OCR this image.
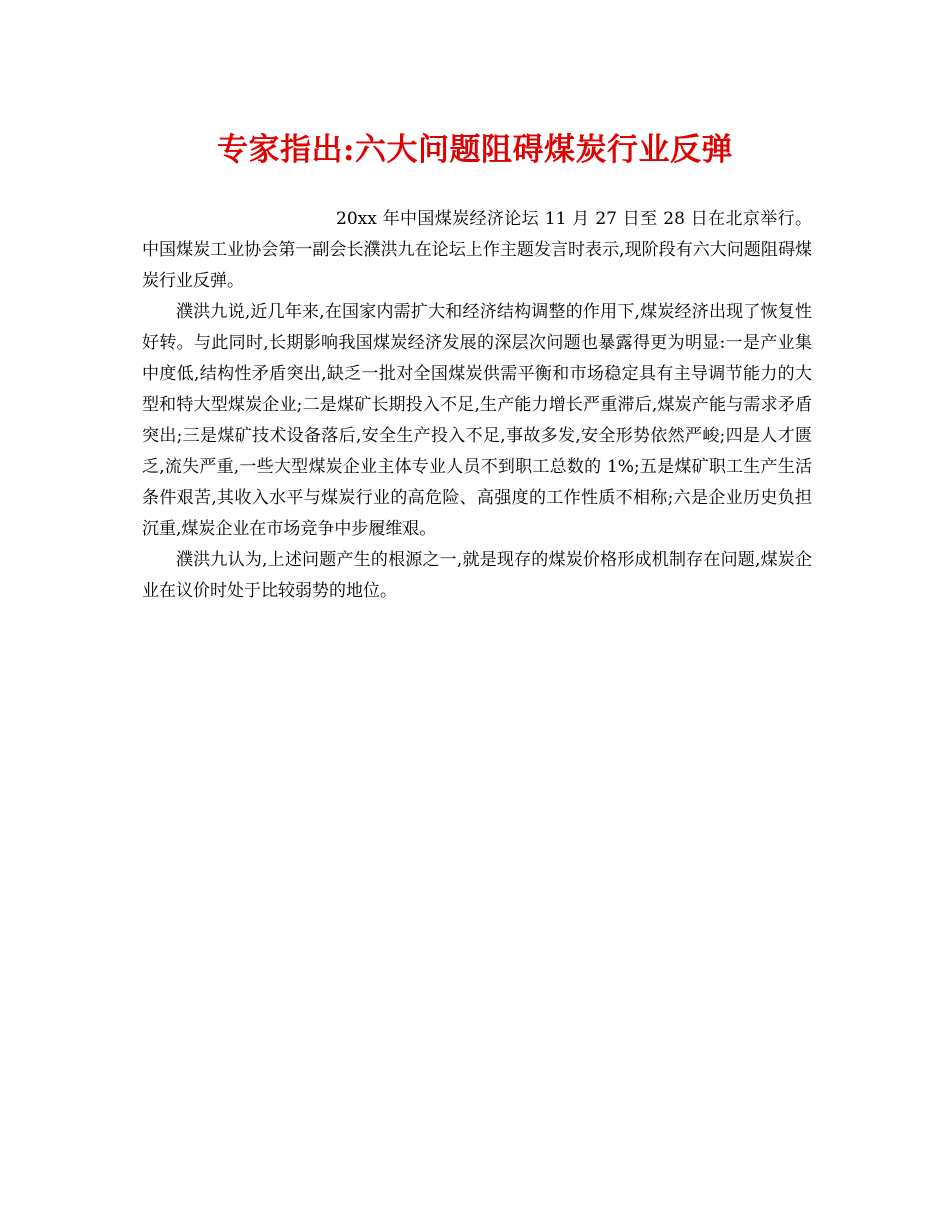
专家指出:六大问题阻碍煤炭行业反弹

20xx 年中国煤炭经济论坛 11 月 27 日至 28 日在北京举行。中国煤炭工业协会第一副会长濮洪九在论坛上作主题发言时表示,现阶段有六大问题阻碍煤炭行业反弹。

濮洪九说,近几年来,在国家内需扩大和经济结构调整的作用下,煤炭经济出现了恢复性好转。与此同时,长期影响我国煤炭经济发展的深层次问题也暴露得更为明显:一是产业集中度低,结构性矛盾突出,缺乏一批对全国煤炭供需平衡和市场稳定具有主导调节能力的大型和特大型煤炭企业;二是煤矿长期投入不足,生产能力增长严重滞后,煤炭产能与需求矛盾突出;三是煤矿技术设备落后,安全生产投入不足,事故多发,安全形势依然严峻;四是人才匮乏,流失严重,一些大型煤炭企业主体专业人员不到职工总数的 1%;五是煤矿职工生产生活条件艰苦,其收入水平与煤炭行业的高危险、高强度的工作性质不相称;六是企业历史负担沉重,煤炭企业在市场竞争中步履维艰。

濮洪九认为,上述问题产生的根源之一,就是现存的煤炭价格形成机制存在问题,煤炭企业在议价时处于比较弱势的地位。
